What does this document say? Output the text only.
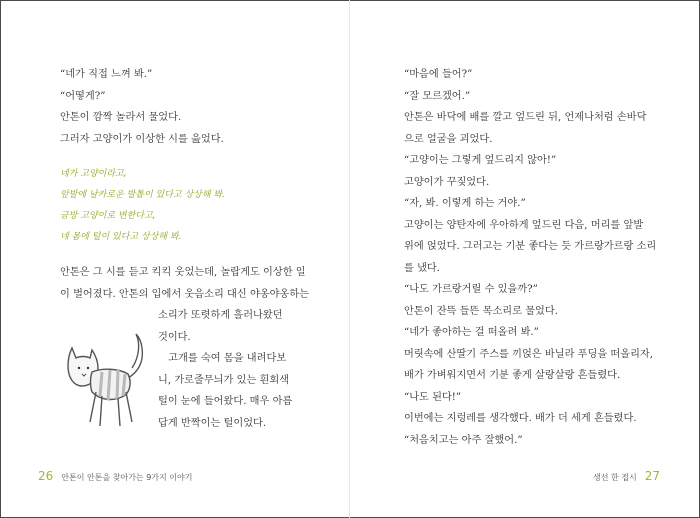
“네가 직접 느껴 봐.”

“어떻게?”

안톤이 깜짝 놀라서 물었다.

그러자 고양이가 이상한 시를 읊었다.

네가 고양이라고,

앞발에 날카로운 발톱이 있다고 상상해 봐.

금방 고양이로 변한다고,

네 몸에 털이 있다고 상상해 봐.

안톤은 그 시를 듣고 킥킥 웃었는데, 놀랍게도 이상한 일

이 벌어졌다. 안톤의 입에서 웃음소리 대신 야옹야옹하는

소리가 또렷하게 흘러나왔던

것이다.

　고개를 숙여 몸을 내려다보

니, 가로줄무늬가 있는 흰회색

털이 눈에 들어왔다. 매우 아름

답게 반짝이는 털이었다.

26 안톤이 안톤을 찾아가는 9가지 이야기

“마음에 들어?”

“잘 모르겠어.”

안톤은 바닥에 배를 깔고 엎드린 뒤, 언제나처럼 손바닥

으로 얼굴을 괴었다.

“고양이는 그렇게 엎드리지 않아!”

고양이가 꾸짖었다.

“자, 봐. 이렇게 하는 거야.”

고양이는 양탄자에 우아하게 엎드린 다음, 머리를 앞발

위에 얹었다. 그러고는 기분 좋다는 듯 가르랑가르랑 소리

를 냈다.

“나도 가르랑거릴 수 있을까?”

안톤이 잔뜩 들뜬 목소리로 물었다.

“네가 좋아하는 걸 떠올려 봐.”

머릿속에 산딸기 주스를 끼얹은 바닐라 푸딩을 떠올리자,

배가 가벼워지면서 기분 좋게 살랑살랑 흔들렸다.

“나도 된다!”

이번에는 지렁레를 생각했다. 배가 더 세게 흔들렸다.

“처음치고는 아주 잘했어.”

생선 한 접시 27
